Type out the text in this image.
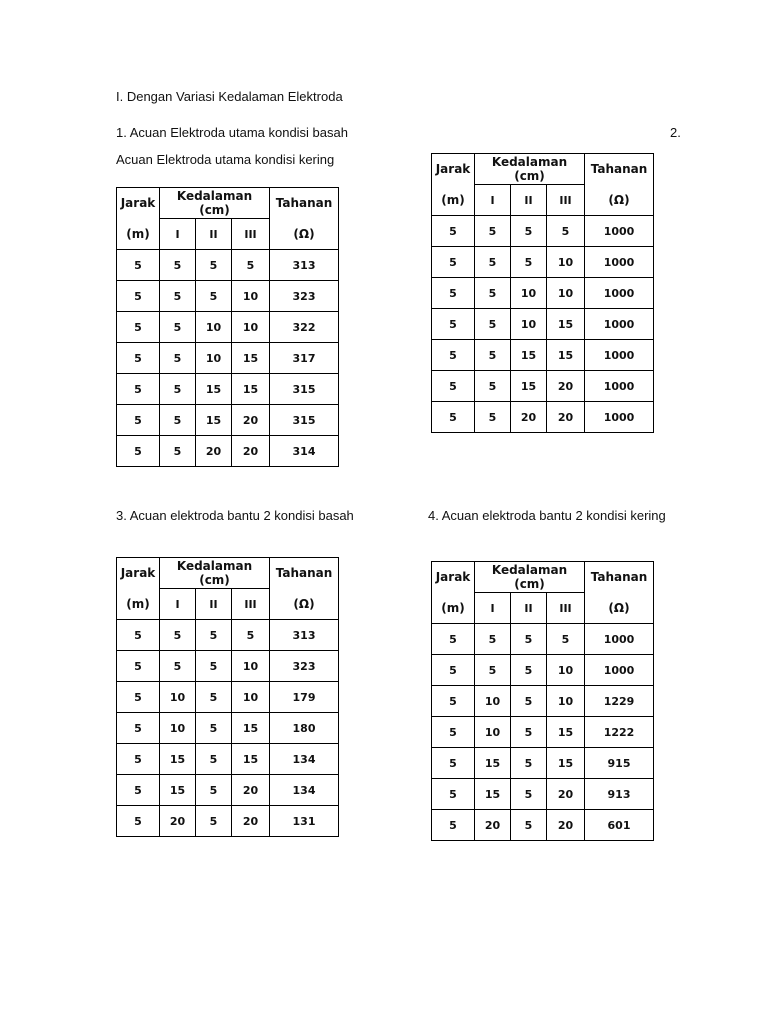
I. Dengan Variasi Kedalaman Elektroda
1. Acuan Elektroda utama kondisi basah	2.
Acuan Elektroda utama kondisi kering
3. Acuan elektroda bantu 2 kondisi basah	4. Acuan elektroda bantu 2 kondisi kering
Jarak	Kedalaman (cm)			Tahanan
(m)	I	II	III	(Ω)
5	5	5	5	313
5	5	5	10	323
5	5	10	10	322
5	5	10	15	317
5	5	15	15	315
5	5	15	20	315
5	5	20	20	314
Jarak	Kedalaman (cm)			Tahanan
(m)	I	II	III	(Ω)
5	5	5	5	1000
5	5	5	10	1000
5	5	10	10	1000
5	5	10	15	1000
5	5	15	15	1000
5	5	15	20	1000
5	5	20	20	1000
Jarak	Kedalaman (cm)			Tahanan
(m)	I	II	III	(Ω)
5	5	5	5	313
5	5	5	10	323
5	10	5	10	179
5	10	5	15	180
5	15	5	15	134
5	15	5	20	134
5	20	5	20	131
Jarak	Kedalaman (cm)			Tahanan
(m)	I	II	III	(Ω)
5	5	5	5	1000
5	5	5	10	1000
5	10	5	10	1229
5	10	5	15	1222
5	15	5	15	915
5	15	5	20	913
5	20	5	20	601
